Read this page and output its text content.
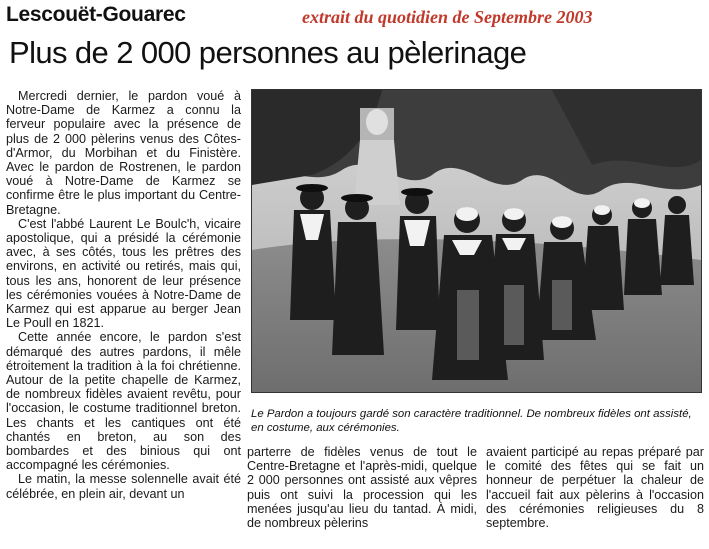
Lescouët-Gouarec	extrait du quotidien de Septembre 2003
Plus de 2 000 personnes au pèlerinage

Mercredi dernier, le pardon voué à Notre-Dame de Karmez a connu la ferveur populaire avec la présence de plus de 2 000 pèlerins venus des Côtes-d'Armor, du Morbihan et du Finistère. Avec le pardon de Rostrenen, le pardon voué à Notre-Dame de Karmez se confirme être le plus important du Centre-Bretagne.

C'est l'abbé Laurent Le Boulc'h, vicaire apostolique, qui a présidé la cérémonie avec, à ses côtés, tous les prêtres des environs, en activité ou retirés, mais qui, tous les ans, honorent de leur présence les cérémonies vouées à Notre-Dame de Karmez qui est apparue au berger Jean Le Poull en 1821.

Cette année encore, le pardon s'est démarqué des autres pardons, il mêle étroitement la tradition à la foi chrétienne. Autour de la petite chapelle de Karmez, de nombreux fidèles avaient revêtu, pour l'occasion, le costume traditionnel breton. Les chants et les cantiques ont été chantés en breton, au son des bombardes et des binious qui ont accompagné les cérémonies.

Le matin, la messe solennelle avait été célébrée, en plein air, devant un

Le Pardon a toujours gardé son caractère traditionnel. De nombreux fidèles ont assisté, en costume, aux cérémonies.

parterre de fidèles venus de tout le Centre-Bretagne et l'après-midi, quelque 2 000 personnes ont assisté aux vêpres puis ont suivi la procession qui les menées jusqu'au lieu du tantad. À midi, de nombreux pèlerins

avaient participé au repas préparé par le comité des fêtes qui se fait un honneur de perpétuer la chaleur de l'accueil fait aux pèlerins à l'occasion des cérémonies religieuses du 8 septembre.
